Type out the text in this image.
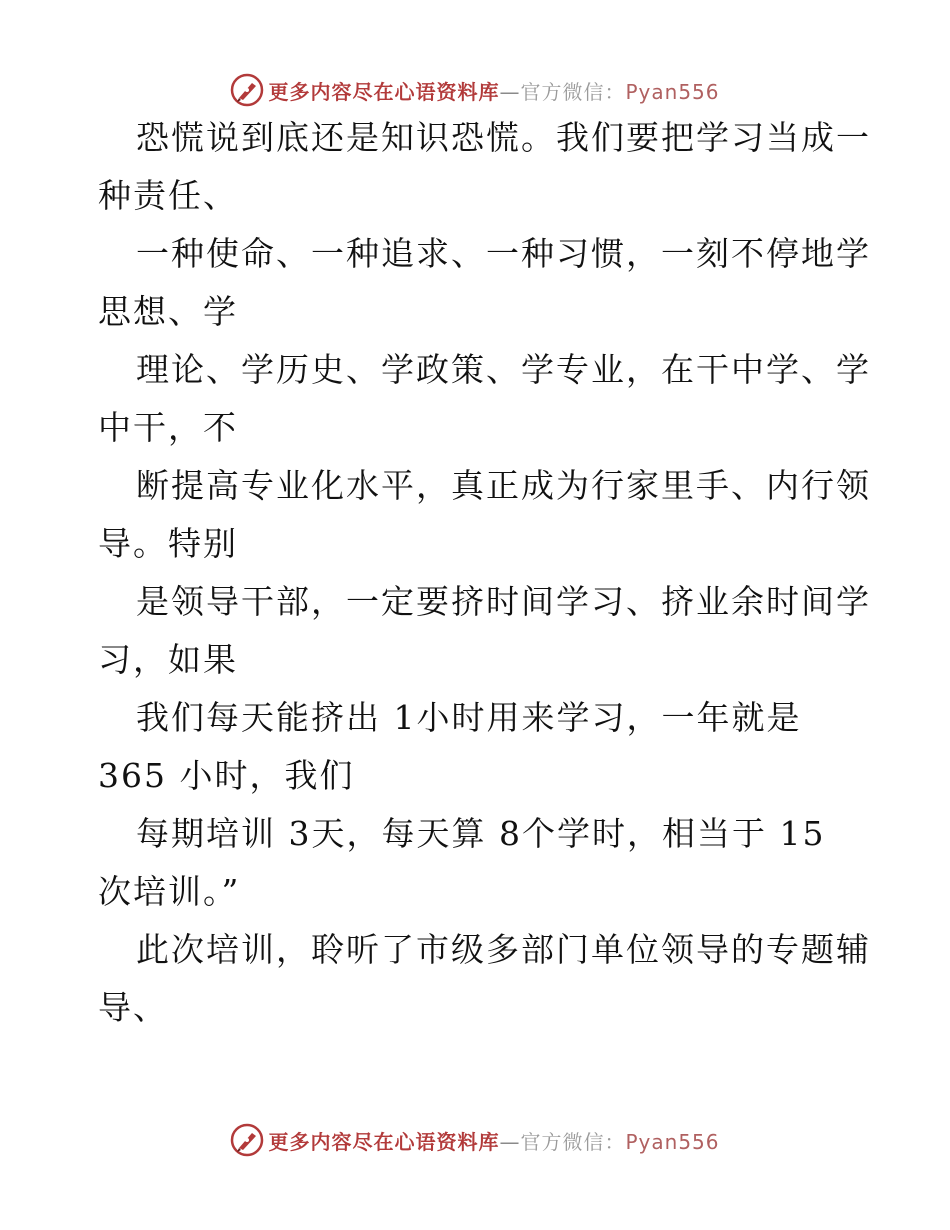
更多内容尽在心语资料库—官方微信：Pyan556
恐慌说到底还是知识恐慌。我们要把学习当成一
种责任、
一种使命、一种追求、一种习惯，一刻不停地学
思想、学
理论、学历史、学政策、学专业，在干中学、学
中干，不
断提高专业化水平，真正成为行家里手、内行领
导。特别
是领导干部，一定要挤时间学习、挤业余时间学
习，如果
我们每天能挤出 1小时用来学习，一年就是
365 小时，我们
每期培训 3天，每天算 8个学时，相当于 15
次培训。”
此次培训，聆听了市级多部门单位领导的专题辅
导、
更多内容尽在心语资料库—官方微信：Pyan556
